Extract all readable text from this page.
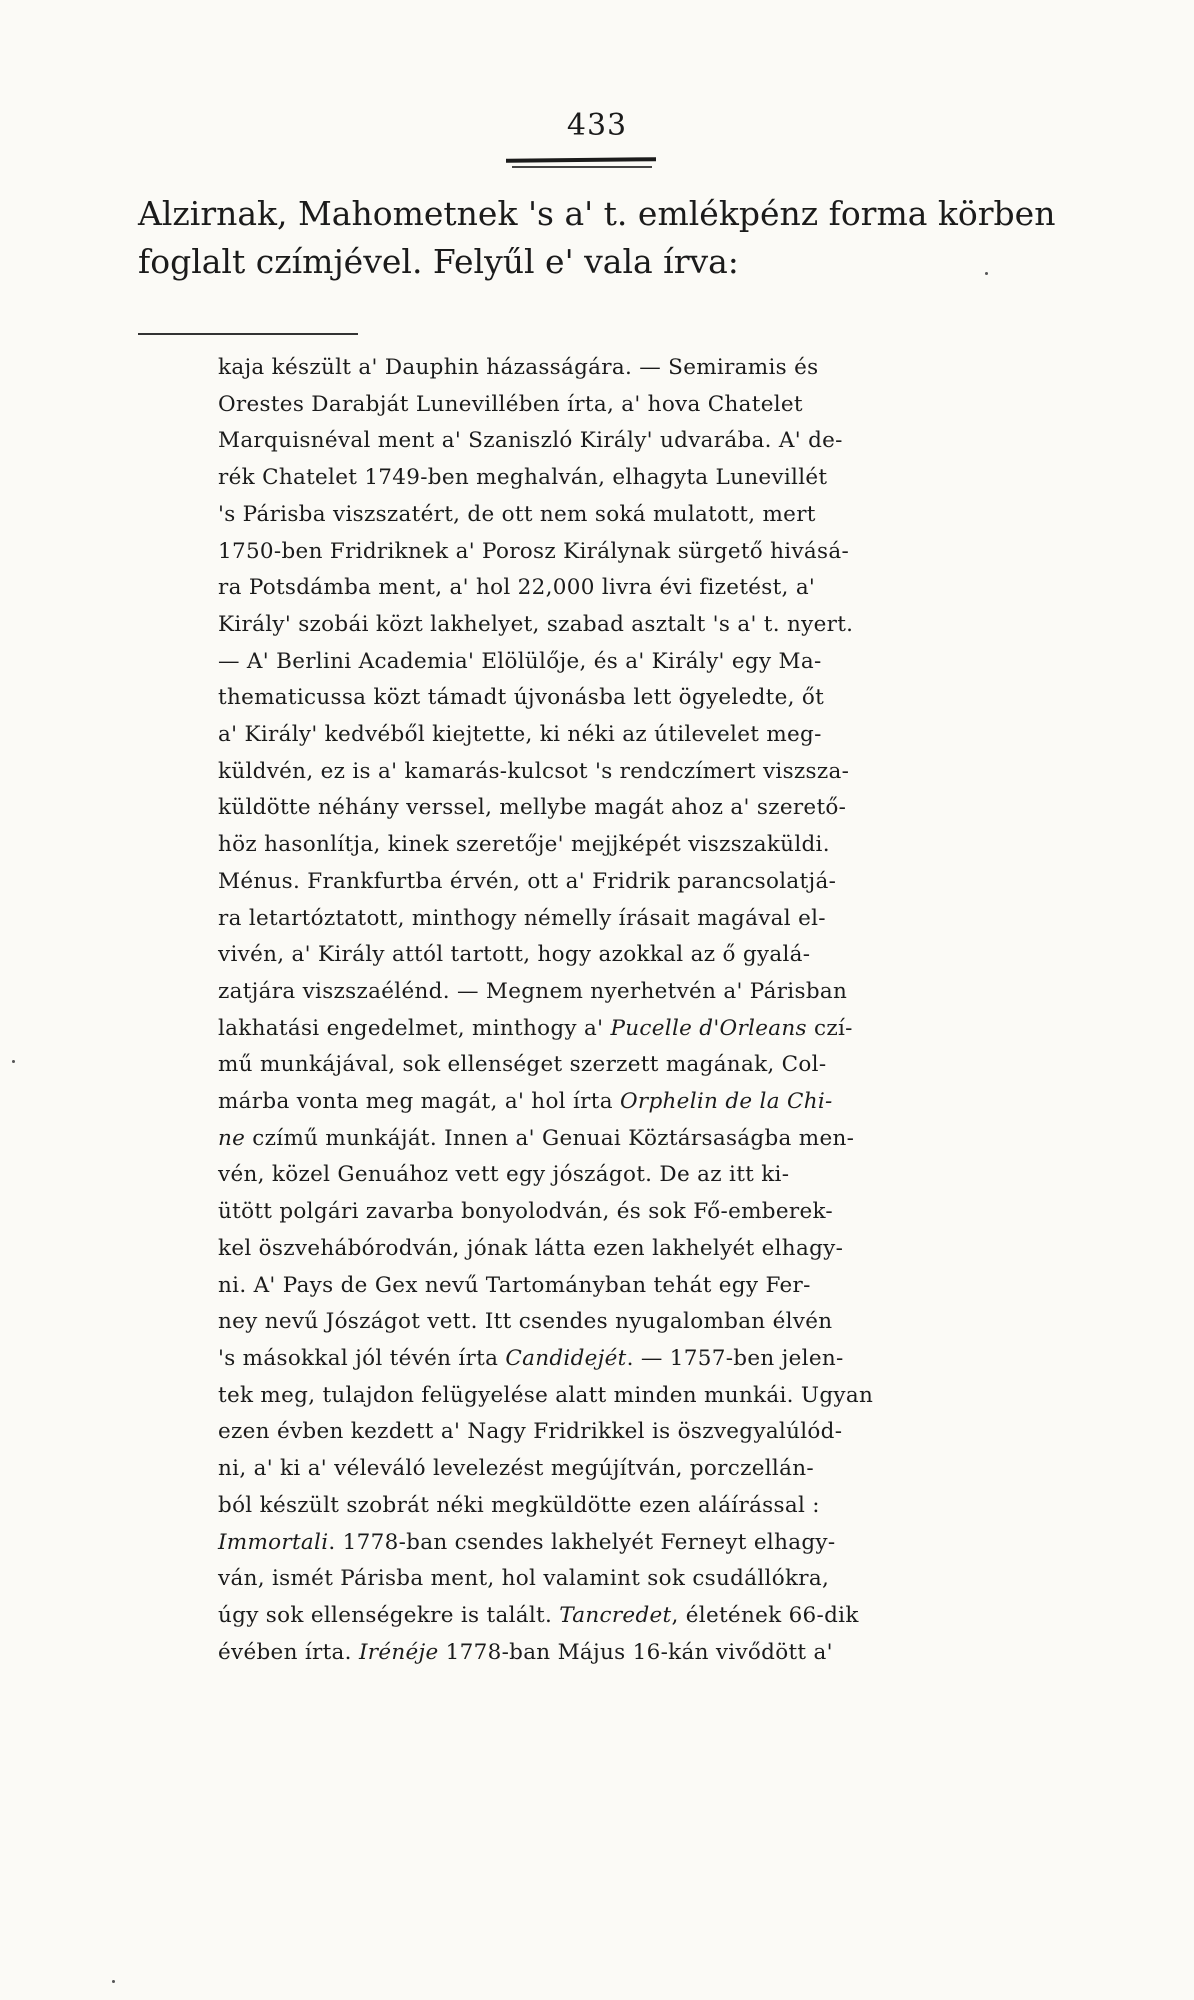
433
Alzirnak, Mahometnek 's a' t. emlékpénz forma körben
foglalt czímjével. Felyűl e' vala írva:
kaja készült a' Dauphin házasságára. — Semiramis és
Orestes Darabját Lunevillében írta, a' hova Chatelet
Marquisnéval ment a' Szaniszló Király' udvarába. A' de-
rék Chatelet 1749-ben meghalván, elhagyta Lunevillét
's Párisba viszszatért, de ott nem soká mulatott, mert
1750-ben Fridriknek a' Porosz Királynak sürgető hivásá-
ra Potsdámba ment, a' hol 22,000 livra évi fizetést, a'
Király' szobái közt lakhelyet, szabad asztalt 's a' t. nyert.
— A' Berlini Academia' Elölülője, és a' Király' egy Ma-
thematicussa közt támadt újvonásba lett ögyeledte, őt
a' Király' kedvéből kiejtette, ki néki az útilevelet meg-
küldvén, ez is a' kamarás-kulcsot 's rendczímert viszsza-
küldötte néhány verssel, mellybe magát ahoz a' szerető-
höz hasonlítja, kinek szeretője' mejjképét viszszaküldi.
Ménus. Frankfurtba érvén, ott a' Fridrik parancsolatjá-
ra letartóztatott, minthogy némelly írásait magával el-
vivén, a' Király attól tartott, hogy azokkal az ő gyalá-
zatjára viszszaélénd. — Megnem nyerhetvén a' Párisban
lakhatási engedelmet, minthogy a' Pucelle d'Orleans czí-
mű munkájával, sok ellenséget szerzett magának, Col-
márba vonta meg magát, a' hol írta Orphelin de la Chi-
ne czímű munkáját. Innen a' Genuai Köztársaságba men-
vén, közel Genuához vett egy jószágot. De az itt ki-
ütött polgári zavarba bonyolodván, és sok Fő-emberek-
kel öszvehábórodván, jónak látta ezen lakhelyét elhagy-
ni. A' Pays de Gex nevű Tartományban tehát egy Fer-
ney nevű Jószágot vett. Itt csendes nyugalomban élvén
's másokkal jól tévén írta Candidejét. — 1757-ben jelen-
tek meg, tulajdon felügyelése alatt minden munkái. Ugyan
ezen évben kezdett a' Nagy Fridrikkel is öszvegyalúlód-
ni, a' ki a' véleváló levelezést megújítván, porczellán-
ból készült szobrát néki megküldötte ezen aláírással :
Immortali. 1778-ban csendes lakhelyét Ferneyt elhagy-
ván, ismét Párisba ment, hol valamint sok csudállókra,
úgy sok ellenségekre is talált. Tancredet, életének 66-dik
évében írta. Irénéje 1778-ban Május 16-kán vivődött a'
